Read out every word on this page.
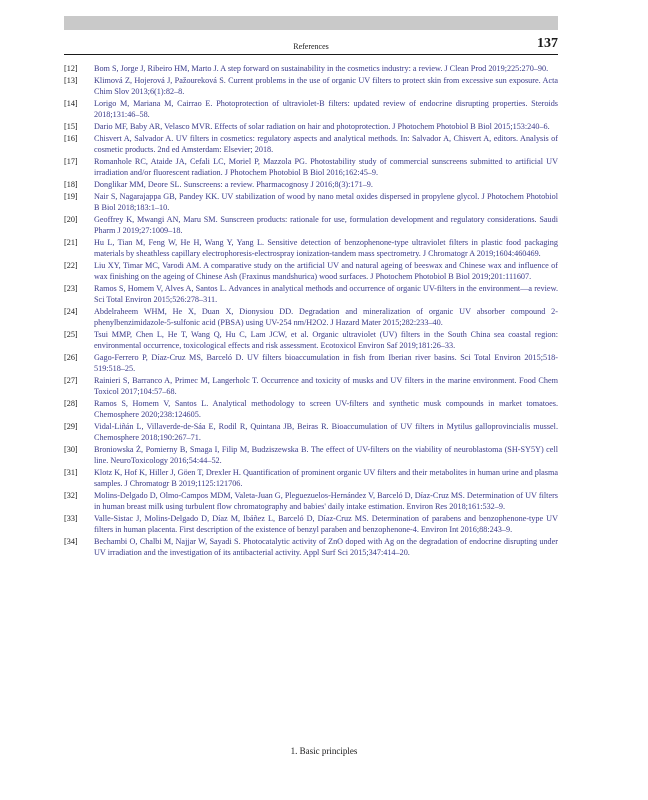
References	137
[12] Bom S, Jorge J, Ribeiro HM, Marto J. A step forward on sustainability in the cosmetics industry: a review. J Clean Prod 2019;225:270–90.
[13] Klimová Z, Hojerová J, Pažoureková S. Current problems in the use of organic UV filters to protect skin from excessive sun exposure. Acta Chim Slov 2013;6(1):82–8.
[14] Lorigo M, Mariana M, Cairrao E. Photoprotection of ultraviolet-B filters: updated review of endocrine disrupting properties. Steroids 2018;131:46–58.
[15] Dario MF, Baby AR, Velasco MVR. Effects of solar radiation on hair and photoprotection. J Photochem Photobiol B Biol 2015;153:240–6.
[16] Chisvert A, Salvador A. UV filters in cosmetics: regulatory aspects and analytical methods. In: Salvador A, Chisvert A, editors. Analysis of cosmetic products. 2nd ed Amsterdam: Elsevier; 2018.
[17] Romanhole RC, Ataide JA, Cefali LC, Moriel P, Mazzola PG. Photostability study of commercial sunscreens submitted to artificial UV irradiation and/or fluorescent radiation. J Photochem Photobiol B Biol 2016;162:45–9.
[18] Donglikar MM, Deore SL. Sunscreens: a review. Pharmacognosy J 2016;8(3):171–9.
[19] Nair S, Nagarajappa GB, Pandey KK. UV stabilization of wood by nano metal oxides dispersed in propylene glycol. J Photochem Photobiol B Biol 2018;183:1–10.
[20] Geoffrey K, Mwangi AN, Maru SM. Sunscreen products: rationale for use, formulation development and regulatory considerations. Saudi Pharm J 2019;27:1009–18.
[21] Hu L, Tian M, Feng W, He H, Wang Y, Yang L. Sensitive detection of benzophenone-type ultraviolet filters in plastic food packaging materials by sheathless capillary electrophoresis-electrospray ionization-tandem mass spectrometry. J Chromatogr A 2019;1604:460469.
[22] Liu XY, Timar MC, Varodi AM. A comparative study on the artificial UV and natural ageing of beeswax and Chinese wax and influence of wax finishing on the ageing of Chinese Ash (Fraxinus mandshurica) wood surfaces. J Photochem Photobiol B Biol 2019;201:111607.
[23] Ramos S, Homem V, Alves A, Santos L. Advances in analytical methods and occurrence of organic UV-filters in the environment—a review. Sci Total Environ 2015;526:278–311.
[24] Abdelraheem WHM, He X, Duan X, Dionysiou DD. Degradation and mineralization of organic UV absorber compound 2-phenylbenzimidazole-5-sulfonic acid (PBSA) using UV-254 nm/H2O2. J Hazard Mater 2015;282:233–40.
[25] Tsui MMP, Chen L, He T, Wang Q, Hu C, Lam JCW, et al. Organic ultraviolet (UV) filters in the South China sea coastal region: environmental occurrence, toxicological effects and risk assessment. Ecotoxicol Environ Saf 2019;181:26–33.
[26] Gago-Ferrero P, Díaz-Cruz MS, Barceló D. UV filters bioaccumulation in fish from Iberian river basins. Sci Total Environ 2015;518-519:518–25.
[27] Rainieri S, Barranco A, Primec M, Langerholc T. Occurrence and toxicity of musks and UV filters in the marine environment. Food Chem Toxicol 2017;104:57–68.
[28] Ramos S, Homem V, Santos L. Analytical methodology to screen UV-filters and synthetic musk compounds in market tomatoes. Chemosphere 2020;238:124605.
[29] Vidal-Liñán L, Villaverde-de-Sáa E, Rodil R, Quintana JB, Beiras R. Bioaccumulation of UV filters in Mytilus galloprovincialis mussel. Chemosphere 2018;190:267–71.
[30] Broniowska Ż, Pomierny B, Smaga I, Filip M, Budziszewska B. The effect of UV-filters on the viability of neuroblastoma (SH-SY5Y) cell line. NeuroToxicology 2016;54:44–52.
[31] Klotz K, Hof K, Hiller J, Göen T, Drexler H. Quantification of prominent organic UV filters and their metabolites in human urine and plasma samples. J Chromatogr B 2019;1125:121706.
[32] Molins-Delgado D, Olmo-Campos MDM, Valeta-Juan G, Pleguezuelos-Hernández V, Barceló D, Díaz-Cruz MS. Determination of UV filters in human breast milk using turbulent flow chromatography and babies' daily intake estimation. Environ Res 2018;161:532–9.
[33] Valle-Sistac J, Molins-Delgado D, Díaz M, Ibáñez L, Barceló D, Díaz-Cruz MS. Determination of parabens and benzophenone-type UV filters in human placenta. First description of the existence of benzyl paraben and benzophenone-4. Environ Int 2016;88:243–9.
[34] Bechambi O, Chalbi M, Najjar W, Sayadi S. Photocatalytic activity of ZnO doped with Ag on the degradation of endocrine disrupting under UV irradiation and the investigation of its antibacterial activity. Appl Surf Sci 2015;347:414–20.
1. Basic principles
